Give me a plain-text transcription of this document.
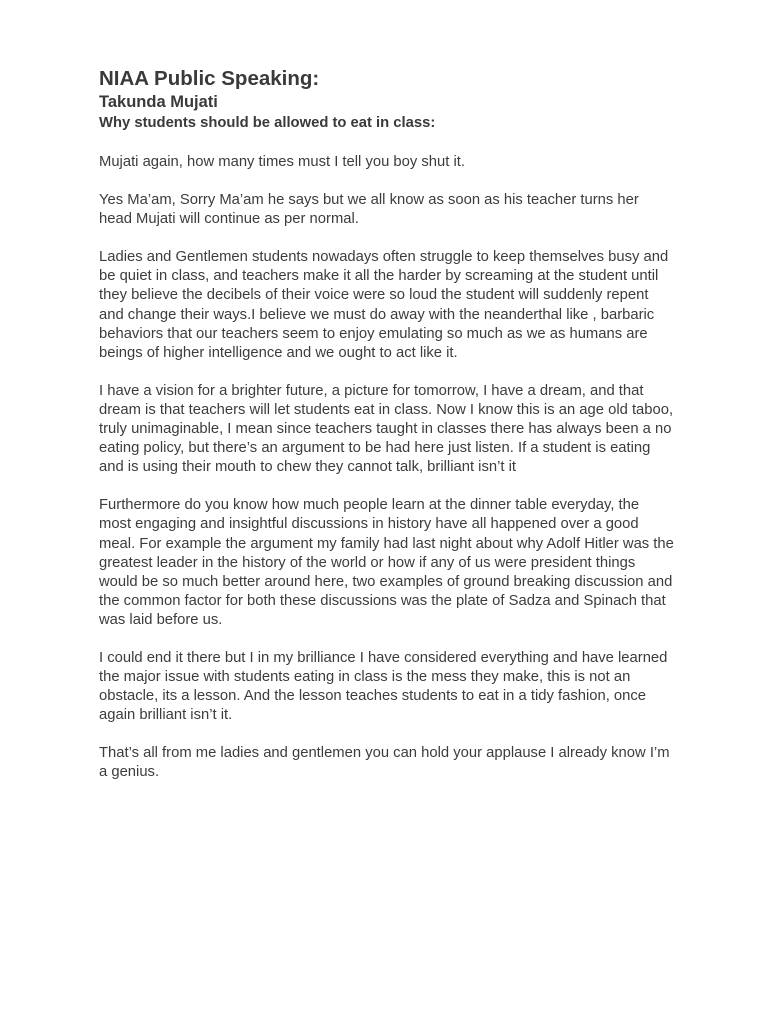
NIAA Public Speaking:
Takunda Mujati
Why students should be allowed to eat in class:

Mujati again, how many times must I tell you boy shut it.

Yes Ma’am, Sorry Ma’am he says but we all know as soon as his teacher turns her head Mujati will continue as per normal.

Ladies and Gentlemen students nowadays often struggle to keep themselves busy and be quiet in class, and teachers make it all the harder by screaming at the student until they believe the decibels of their voice were so loud the student will suddenly repent and change their ways.I believe we must do away with the neanderthal like , barbaric behaviors that our teachers seem to enjoy emulating so much as we as humans are beings of higher intelligence and we ought to act like it.

I have a vision for a brighter future, a picture for tomorrow, I have a dream, and that dream is that teachers will let students eat in class. Now I know this is an age old taboo, truly unimaginable, I mean since teachers taught in classes there has always been a no eating policy, but there’s an argument to be had here just listen. If a student is eating and is using their mouth to chew they cannot talk, brilliant isn’t it

Furthermore do you know how much people learn at the dinner table everyday, the most engaging and insightful discussions in history have all happened over a good meal. For example the argument my family had last night about why Adolf Hitler was the greatest leader in the history of the world or how if any of us were president things would be so much better around here, two examples of ground breaking discussion and the common factor for both these discussions was the plate of Sadza and Spinach that was laid before us.

I could end it there but I in my brilliance I have considered everything and have learned the major issue with students eating in class is the mess they make, this is not an obstacle, its a lesson. And the lesson teaches students to eat in a tidy fashion, once again brilliant isn’t it.

That’s all from me ladies and gentlemen you can hold your applause I already know I’m a genius.
